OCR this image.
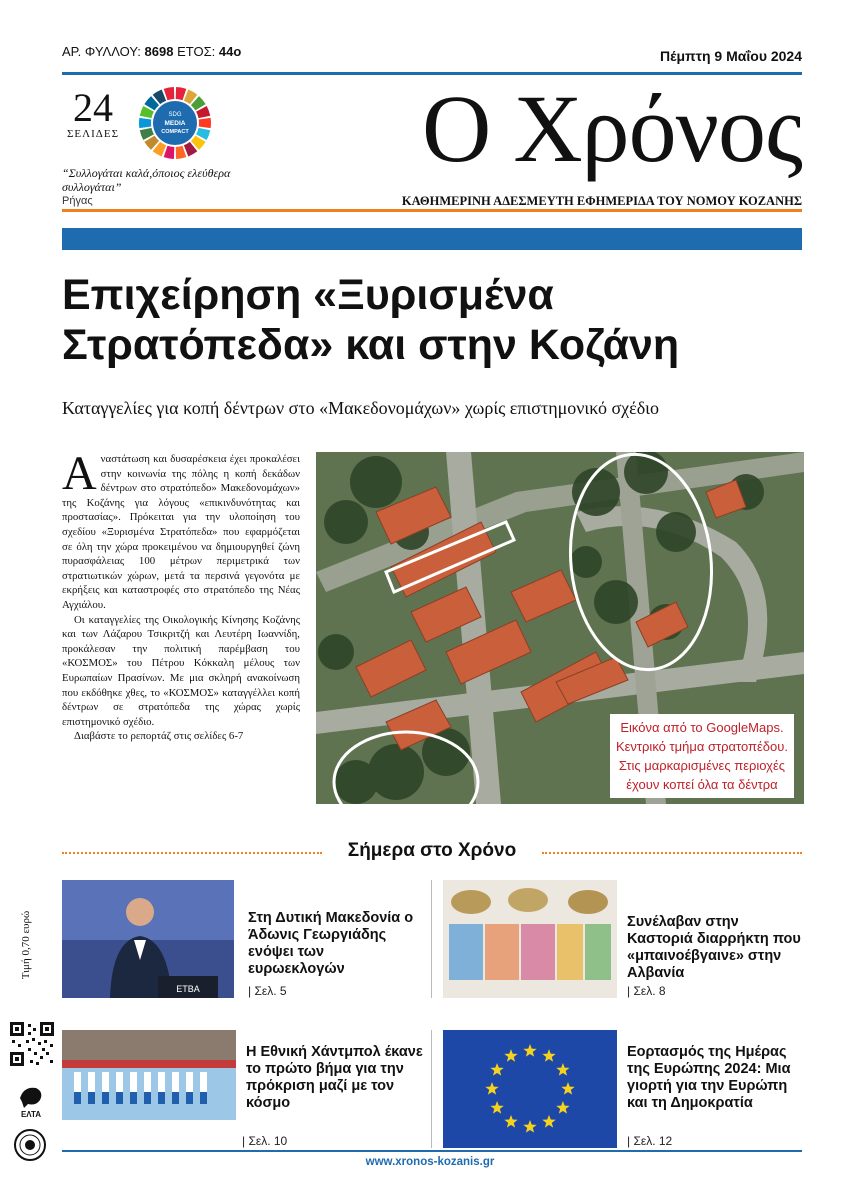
ΑΡ. ΦΥΛΛΟΥ: 8698 ΕΤΟΣ: 44ο	Πέμπτη 9 Μαΐου 2024
24
ΣΕΛΙΔΕΣ
SDG
MEDIA
COMPACT
“Συλλογάται καλά,όποιος ελεύθερα συλλογάται”
Ρήγας
Ο Χρόνος
ΚΑΘΗΜΕΡΙΝΗ ΑΔΕΣΜΕΥΤΗ ΕΦΗΜΕΡΙΔΑ ΤΟΥ ΝΟΜΟΥ ΚΟΖΑΝΗΣ
Επιχείρηση «Ξυρισμένα Στρατόπεδα» και στην Κοζάνη
Καταγγελίες για κοπή δέντρων στο «Μακεδονομάχων» χωρίς επιστημονικό σχέδιο

Αναστάτωση και δυσαρέσκεια έχει προκαλέσει στην κοινωνία της πόλης η κοπή δεκάδων δέντρων στο στρατόπεδο» Μακεδονομάχων» της Κοζάνης για λόγους «επικινδυνότητας και προστασίας». Πρόκειται για την υλοποίηση του σχεδίου «Ξυρισμένα Στρατόπεδα» που εφαρμόζεται σε όλη την χώρα προκειμένου να δημιουργηθεί ζώνη πυρασφάλειας 100 μέτρων περιμετρικά των στρατιωτικών χώρων, μετά τα περσινά γεγονότα με εκρήξεις και καταστροφές στο στρατόπεδο της Νέας Αγχιάλου.

Οι καταγγελίες της Οικολογικής Κίνησης Κοζάνης και των Λάζαρου Τσικριτζή και Λευτέρη Ιωαννίδη, προκάλεσαν την πολιτική παρέμβαση του «ΚΟΣΜΟΣ» του Πέτρου Κόκκαλη μέλους των Ευρωπαίων Πρασίνων. Με μια σκληρή ανακοίνωση που εκδόθηκε χθες, το «ΚΟΣΜΟΣ» καταγγέλλει κοπή δέντρων σε στρατόπεδα της χώρας χωρίς επιστημονικό σχέδιο.

Διαβάστε το ρεπορτάζ στις σελίδες 6-7

Εικόνα από το GoogleMaps.
Κεντρικό τμήμα στρατοπέδου.
Στις μαρκαρισμένες περιοχές
έχουν κοπεί όλα τα δέντρα
Σήμερα στο Χρόνο
ΕΤΒΑ
Στη Δυτική Μακεδονία ο Άδωνις Γεωργιάδης ενόψει των ευρωεκλογών
| Σελ. 5
Συνέλαβαν στην Καστοριά διαρρήκτη που «μπαινοέβγαινε» στην Αλβανία
| Σελ. 8
Η Εθνική Χάντμπολ έκανε το πρώτο βήμα για την πρόκριση μαζί με τον κόσμο
| Σελ. 10
Εορτασμός της Ημέρας της Ευρώπης 2024: Μια γιορτή για την Ευρώπη και τη Δημοκρατία
| Σελ. 12
Τιμή 0,70 ευρώ
ΕΛΤΑ
www.xronos-kozanis.gr
